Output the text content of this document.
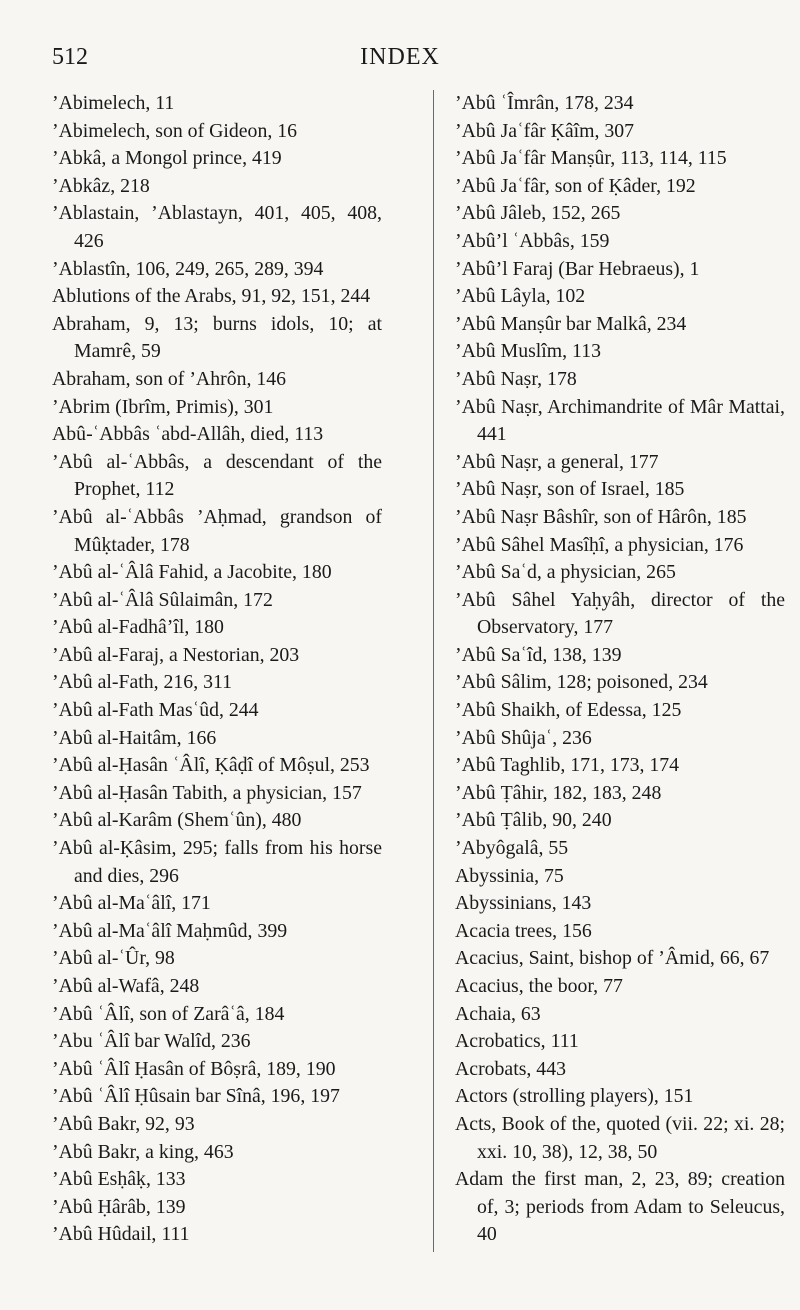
512	INDEX
’Abimelech, 11
’Abimelech, son of Gideon, 16
’Abkâ, a Mongol prince, 419
’Abkâz, 218
’Ablastain, ’Ablastayn, 401, 405, 408, 426
’Ablastîn, 106, 249, 265, 289, 394
Ablutions of the Arabs, 91, 92, 151, 244
Abraham, 9, 13; burns idols, 10; at Mamrê, 59
Abraham, son of ’Ahrôn, 146
’Abrim (Ibrîm, Primis), 301
Abû-ʿAbbâs ʿabd-Allâh, died, 113
’Abû al-ʿAbbâs, a descendant of the Prophet, 112
’Abû al-ʿAbbâs ’Aḥmad, grandson of Mûḳtader, 178
’Abû al-ʿÂlâ Fahid, a Jacobite, 180
’Abû al-ʿÂlâ Sûlaimân, 172
’Abû al-Fadhâ’îl, 180
’Abû al-Faraj, a Nestorian, 203
’Abû al-Fath, 216, 311
’Abû al-Fath Masʿûd, 244
’Abû al-Haitâm, 166
’Abû al-Ḥasân ʿÂlî, Ḳâḍî of Môṣul, 253
’Abû al-Ḥasân Tabith, a physician, 157
’Abû al-Karâm (Shemʿûn), 480
’Abû al-Ḳâsim, 295; falls from his horse and dies, 296
’Abû al-Maʿâlî, 171
’Abû al-Maʿâlî Maḥmûd, 399
’Abû al-ʿÛr, 98
’Abû al-Wafâ, 248
’Abû ʿÂlî, son of Zarâʿâ, 184
’Abu ʿÂlî bar Walîd, 236
’Abû ʿÂlî Ḥasân of Bôṣrâ, 189, 190
’Abû ʿÂlî Ḥûsain bar Sînâ, 196, 197
’Abû Bakr, 92, 93
’Abû Bakr, a king, 463
’Abû Esḥâḳ, 133
’Abû Ḥârâb, 139
’Abû Hûdail, 111
’Abû ʿÎmrân, 178, 234
’Abû Jaʿfâr Ḳâîm, 307
’Abû Jaʿfâr Manṣûr, 113, 114, 115
’Abû Jaʿfâr, son of Ḳâder, 192
’Abû Jâleb, 152, 265
’Abû’l ʿAbbâs, 159
’Abû’l Faraj (Bar Hebraeus), 1
’Abû Lâyla, 102
’Abû Manṣûr bar Malkâ, 234
’Abû Muslîm, 113
’Abû Naṣr, 178
’Abû Naṣr, Archimandrite of Mâr Mattai, 441
’Abû Naṣr, a general, 177
’Abû Naṣr, son of Israel, 185
’Abû Naṣr Bâshîr, son of Hârôn, 185
’Abû Sâhel Masîḥî, a physician, 176
’Abû Saʿd, a physician, 265
’Abû Sâhel Yaḥyâh, director of the Observatory, 177
’Abû Saʿîd, 138, 139
’Abû Sâlim, 128; poisoned, 234
’Abû Shaikh, of Edessa, 125
’Abû Shûjaʿ, 236
’Abû Taghlib, 171, 173, 174
’Abû Ṭâhir, 182, 183, 248
’Abû Ṭâlib, 90, 240
’Abyôgalâ, 55
Abyssinia, 75
Abyssinians, 143
Acacia trees, 156
Acacius, Saint, bishop of ’Âmid, 66, 67
Acacius, the boor, 77
Achaia, 63
Acrobatics, 111
Acrobats, 443
Actors (strolling players), 151
Acts, Book of the, quoted (vii. 22; xi. 28; xxi. 10, 38), 12, 38, 50
Adam the first man, 2, 23, 89; creation of, 3; periods from Adam to Seleucus, 40
